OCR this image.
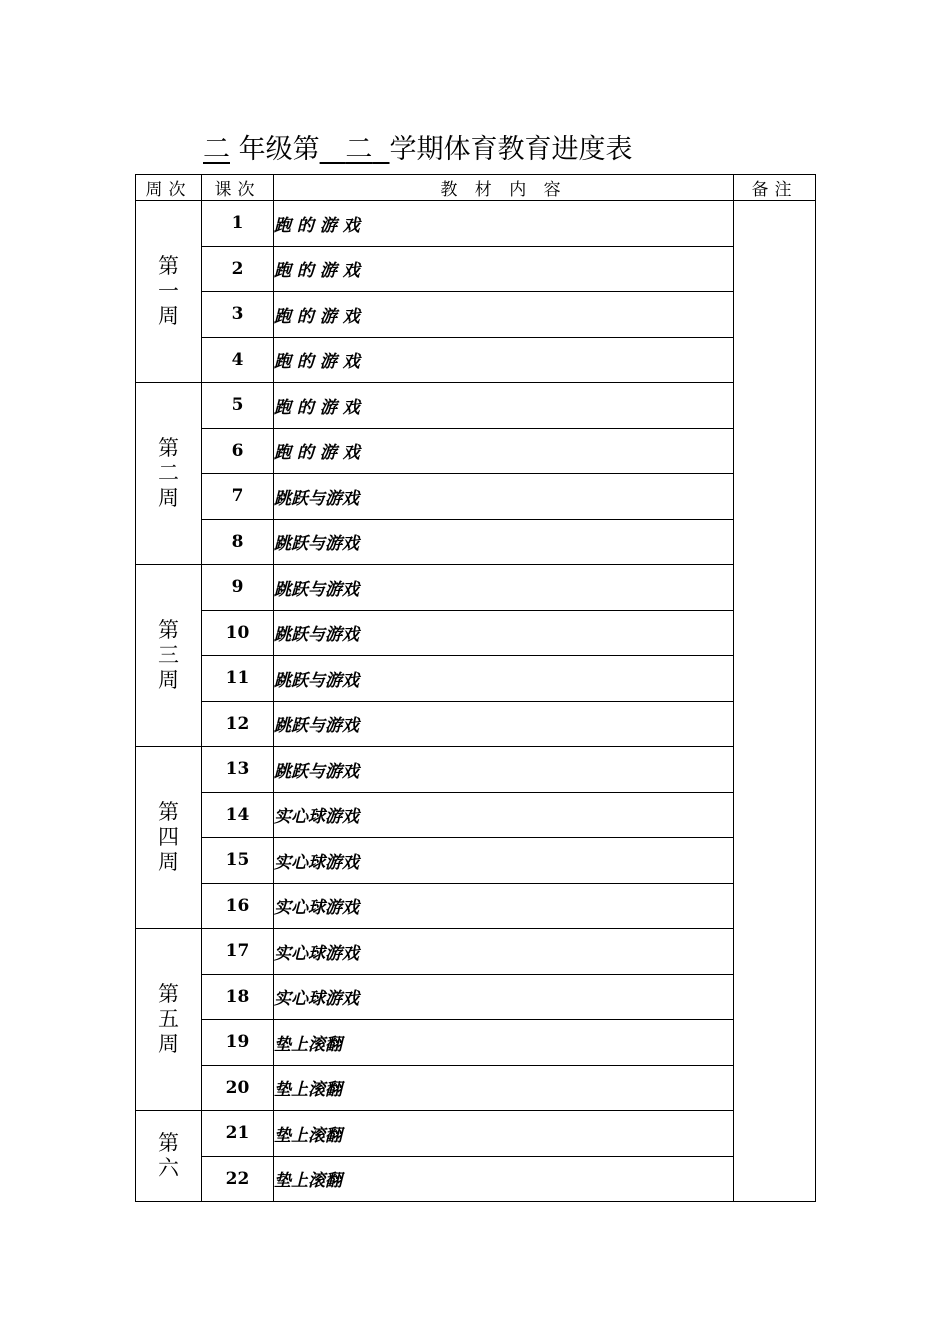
二 年级第 二 学期体育教育进度表
周次	课次	教 材 内 容	备注

第
一
周	1	跑 的 游 戏	
	2	跑 的 游 戏	
	3	跑 的 游 戏	
	4	跑 的 游 戏	

第
二
周	5	跑 的 游 戏	
	6	跑 的 游 戏	
	7	跳跃与游戏	
	8	跳跃与游戏	

第
三
周	9	跳跃与游戏	
	10	跳跃与游戏	
	11	跳跃与游戏	
	12	跳跃与游戏	

第
四
周	13	跳跃与游戏	
	14	实心球游戏	
	15	实心球游戏	
	16	实心球游戏	

第
五
周	17	实心球游戏	
	18	实心球游戏	
	19	垫上滚翻	
	20	垫上滚翻	

第
六	21	垫上滚翻	
	22	垫上滚翻	
